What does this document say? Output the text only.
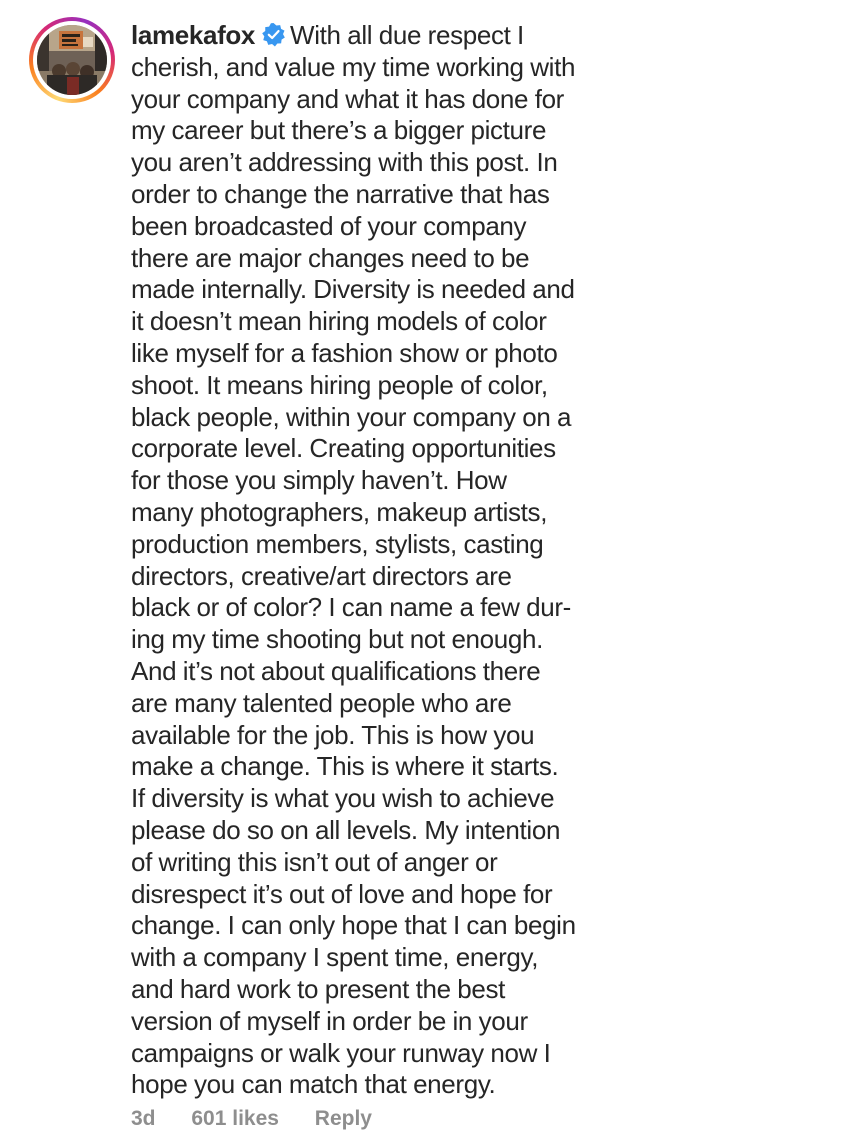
lamekafox With all due respect I
cherish, and value my time working with
your company and what it has done for
my career but there’s a bigger picture
you aren’t addressing with this post. In
order to change the narrative that has
been broadcasted of your company
there are major changes need to be
made internally. Diversity is needed and
it doesn’t mean hiring models of color
like myself for a fashion show or photo
shoot. It means hiring people of color,
black people, within your company on a
corporate level. Creating opportunities
for those you simply haven’t. How
many photographers, makeup artists,
production members, stylists, casting
directors, creative/art directors are
black or of color? I can name a few dur-
ing my time shooting but not enough.
And it’s not about qualifications there
are many talented people who are
available for the job. This is how you
make a change. This is where it starts.
If diversity is what you wish to achieve
please do so on all levels. My intention
of writing this isn’t out of anger or
disrespect it’s out of love and hope for
change. I can only hope that I can begin
with a company I spent time, energy,
and hard work to present the best
version of myself in order be in your
campaigns or walk your runway now I
hope you can match that energy.
3d 601 likes Reply
